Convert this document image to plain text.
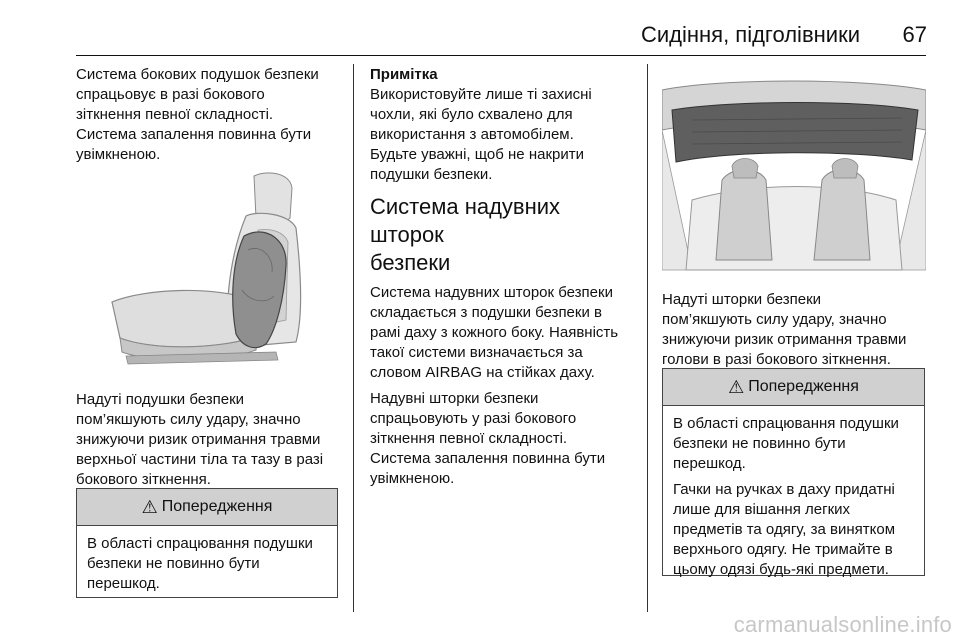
Сидіння, підголівники 67

Система бокових подушок безпеки

спрацьовує в разі бокового

зіткнення певної складності.

Система запалення повинна бути

увімкненою.

Надуті подушки безпеки

пом’якшують силу удару, значно

знижуючи ризик отримання травми

верхньої частини тіла та тазу в разі

бокового зіткнення.

⚠ Попередження
В області спрацювання подушки
безпеки не повинно бути
перешкод.

Примітка

Використовуйте лише ті захисні

чохли, які було схвалено для

використання з автомобілем.

Будьте уважні, щоб не накрити

подушки безпеки.

Система надувних шторок
безпеки

Система надувних шторок безпеки

складається з подушки безпеки в

рамі даху з кожного боку. Наявність

такої системи визначається за

словом AIRBAG на стійках даху.

Надувні шторки безпеки

спрацьовують у разі бокового

зіткнення певної складності.

Система запалення повинна бути

увімкненою.

Надуті шторки безпеки

пом’якшують силу удару, значно

знижуючи ризик отримання травми

голови в разі бокового зіткнення.

⚠ Попередження

В області спрацювання подушки
безпеки не повинно бути
перешкод.

Гачки на ручках в даху придатні
лише для вішання легких
предметів та одягу, за винятком
верхнього одягу. Не тримайте в
цьому одязі будь-які предмети.

carmanualsonline.info
